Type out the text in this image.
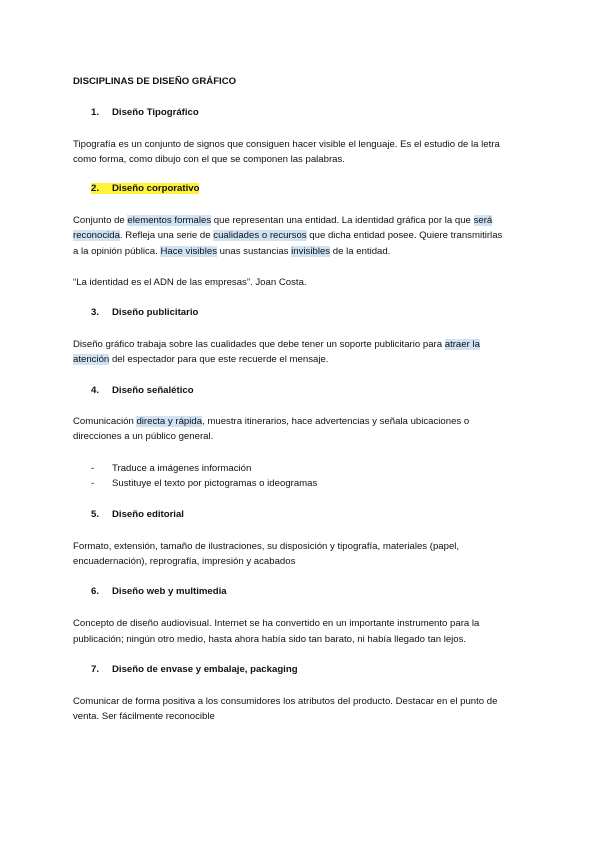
DISCIPLINAS DE DISEÑO GRÁFICO
1. Diseño Tipográfico
Tipografía es un conjunto de signos que consiguen hacer visible el lenguaje. Es el estudio de la letra
como forma, como dibujo con el que se componen las palabras.
2. Diseño corporativo
Conjunto de elementos formales que representan una entidad. La identidad gráfica por la que será
reconocida. Refleja una serie de cualidades o recursos que dicha entidad posee. Quiere transmitirlas
a la opinión pública. Hace visibles unas sustancias invisibles de la entidad.
“La identidad es el ADN de las empresas”. Joan Costa.
3. Diseño publicitario
Diseño gráfico trabaja sobre las cualidades que debe tener un soporte publicitario para atraer la
atención del espectador para que este recuerde el mensaje.
4. Diseño señalético
Comunicación directa y rápida, muestra itinerarios, hace advertencias y señala ubicaciones o
direcciones a un público general.
- Traduce a imágenes información
- Sustituye el texto por pictogramas o ideogramas
5. Diseño editorial
Formato, extensión, tamaño de ilustraciones, su disposición y tipografía, materiales (papel,
encuadernación), reprografía, impresión y acabados
6. Diseño web y multimedia
Concepto de diseño audiovisual. Internet se ha convertido en un importante instrumento para la
publicación; ningún otro medio, hasta ahora había sido tan barato, ni había llegado tan lejos.
7. Diseño de envase y embalaje, packaging
Comunicar de forma positiva a los consumidores los atributos del producto. Destacar en el punto de
venta. Ser fácilmente reconocible
